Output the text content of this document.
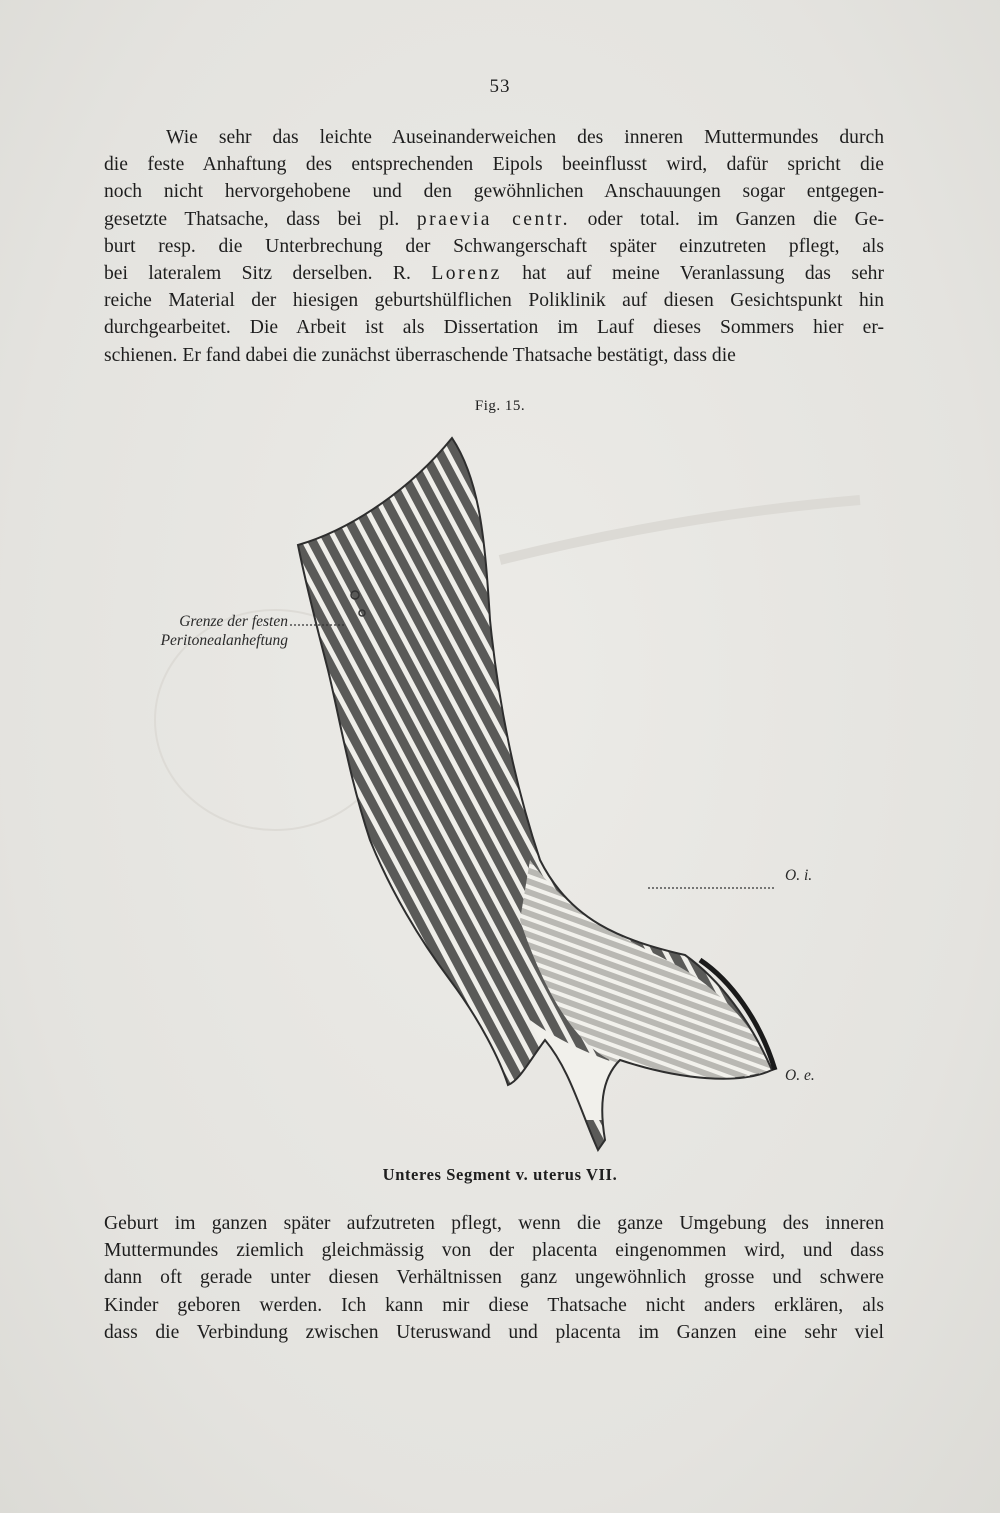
53
Wie sehr das leichte Auseinanderweichen des inneren Muttermundes durch
die feste Anhaftung des entsprechenden Eipols beeinflusst wird, dafür spricht die
noch nicht hervorgehobene und den gewöhnlichen Anschauungen sogar entgegen-
gesetzte Thatsache, dass bei pl. praevia centr. oder total. im Ganzen die Ge-
burt resp. die Unterbrechung der Schwangerschaft später einzutreten pflegt, als
bei lateralem Sitz derselben. R. Lorenz hat auf meine Veranlassung das sehr
reiche Material der hiesigen geburtshülflichen Poliklinik auf diesen Gesichtspunkt hin
durchgearbeitet. Die Arbeit ist als Dissertation im Lauf dieses Sommers hier er-
schienen. Er fand dabei die zunächst überraschende Thatsache bestätigt, dass die
Fig. 15.
Grenze der festen
Peritonealanheftung
O. i.
O. e.
Unteres Segment v. uterus VII.
Geburt im ganzen später aufzutreten pflegt, wenn die ganze Umgebung des inneren
Muttermundes ziemlich gleichmässig von der placenta eingenommen wird, und dass
dann oft gerade unter diesen Verhältnissen ganz ungewöhnlich grosse und schwere
Kinder geboren werden. Ich kann mir diese Thatsache nicht anders erklären, als
dass die Verbindung zwischen Uteruswand und placenta im Ganzen eine sehr viel
